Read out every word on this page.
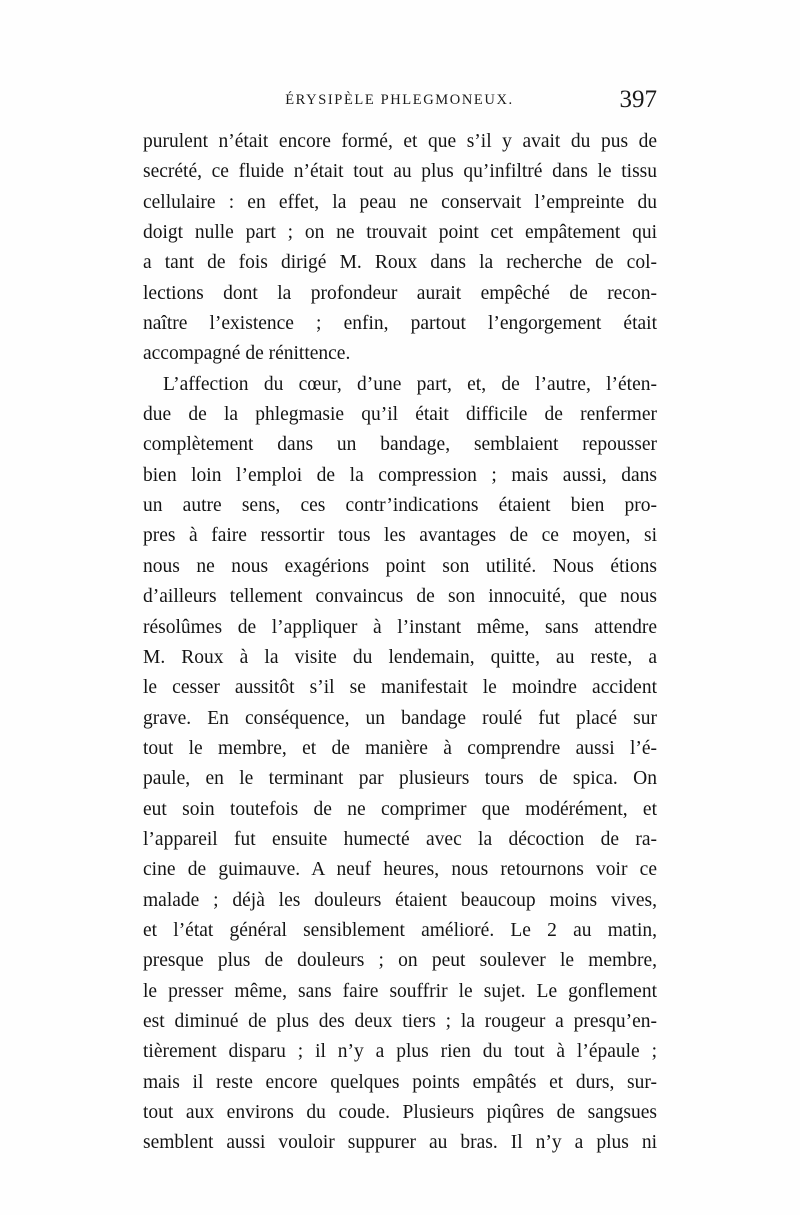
ÉRYSIPÈLE PHLEGMONEUX.	397
purulent n’était encore formé, et que s’il y avait du pus de
secrété, ce fluide n’était tout au plus qu’infiltré dans le tissu
cellulaire : en effet, la peau ne conservait l’empreinte du
doigt nulle part ; on ne trouvait point cet empâtement qui
a tant de fois dirigé M. Roux dans la recherche de col-
lections dont la profondeur aurait empêché de recon-
naître l’existence ; enfin, partout l’engorgement était
accompagné de rénittence.
L’affection du cœur, d’une part, et, de l’autre, l’éten-
due de la phlegmasie qu’il était difficile de renfermer
complètement dans un bandage, semblaient repousser
bien loin l’emploi de la compression ; mais aussi, dans
un autre sens, ces contr’indications étaient bien pro-
pres à faire ressortir tous les avantages de ce moyen, si
nous ne nous exagérions point son utilité. Nous étions
d’ailleurs tellement convaincus de son innocuité, que nous
résolûmes de l’appliquer à l’instant même, sans attendre
M. Roux à la visite du lendemain, quitte, au reste, a
le cesser aussitôt s’il se manifestait le moindre accident
grave. En conséquence, un bandage roulé fut placé sur
tout le membre, et de manière à comprendre aussi l’é-
paule, en le terminant par plusieurs tours de spica. On
eut soin toutefois de ne comprimer que modérément, et
l’appareil fut ensuite humecté avec la décoction de ra-
cine de guimauve. A neuf heures, nous retournons voir ce
malade ; déjà les douleurs étaient beaucoup moins vives,
et l’état général sensiblement amélioré. Le 2 au matin,
presque plus de douleurs ; on peut soulever le membre,
le presser même, sans faire souffrir le sujet. Le gonflement
est diminué de plus des deux tiers ; la rougeur a presqu’en-
tièrement disparu ; il n’y a plus rien du tout à l’épaule ;
mais il reste encore quelques points empâtés et durs, sur-
tout aux environs du coude. Plusieurs piqûres de sangsues
semblent aussi vouloir suppurer au bras. Il n’y a plus ni
